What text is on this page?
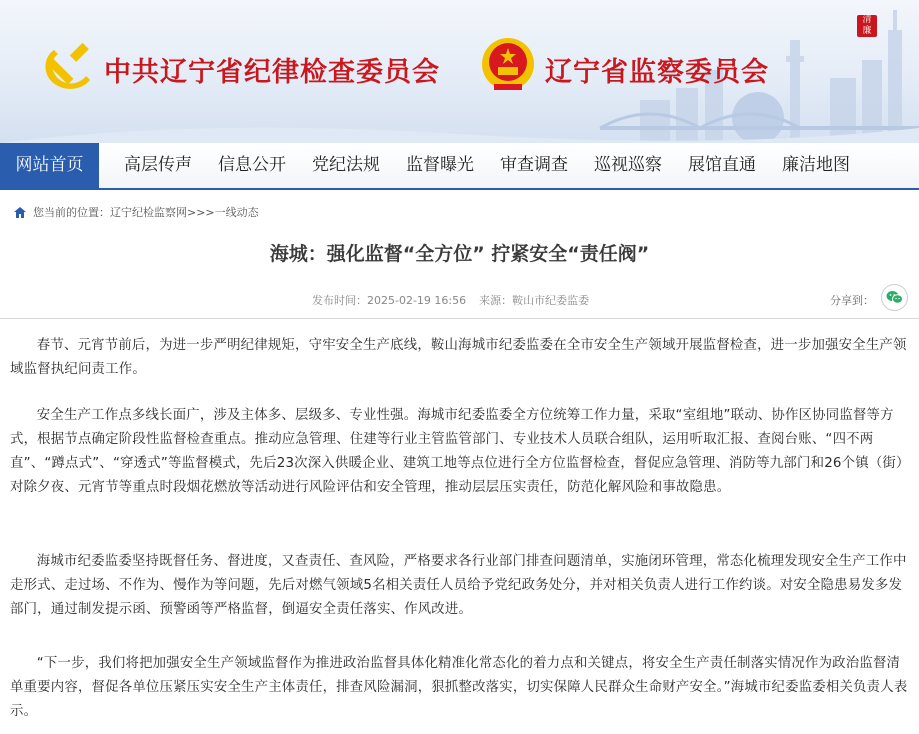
中共辽宁省纪律检查委员会	辽宁省监察委员会
清
廉
网站首页	高层传声	信息公开	党纪法规	监督曝光	审查调查	巡视巡察	展馆直通	廉洁地图
您当前的位置： 辽宁纪检监察网 >>> 一线动态
海城：强化监督“全方位” 拧紧安全“责任阀”
发布时间：2025-02-19 16:56 来源：鞍山市纪委监委	分享到：

春节、元宵节前后，为进一步严明纪律规矩，守牢安全生产底线，鞍山海城市纪委监委在全市安全生产领域开展监督检查，进一步加强安全生产领域监督执纪问责工作。

安全生产工作点多线长面广，涉及主体多、层级多、专业性强。海城市纪委监委全方位统筹工作力量，采取“室组地”联动、协作区协同监督等方式，根据节点确定阶段性监督检查重点。推动应急管理、住建等行业主管监管部门、专业技术人员联合组队，运用听取汇报、查阅台账、“四不两直”、“蹲点式”、“穿透式”等监督模式，先后23次深入供暖企业、建筑工地等点位进行全方位监督检查，督促应急管理、消防等九部门和26个镇（街）对除夕夜、元宵节等重点时段烟花燃放等活动进行风险评估和安全管理，推动层层压实责任，防范化解风险和事故隐患。

海城市纪委监委坚持既督任务、督进度，又查责任、查风险，严格要求各行业部门排查问题清单，实施闭环管理，常态化梳理发现安全生产工作中走形式、走过场、不作为、慢作为等问题，先后对燃气领域5名相关责任人员给予党纪政务处分，并对相关负责人进行工作约谈。对安全隐患易发多发部门，通过制发提示函、预警函等严格监督，倒逼安全责任落实、作风改进。

“下一步，我们将把加强安全生产领域监督作为推进政治监督具体化精准化常态化的着力点和关键点，将安全生产责任制落实情况作为政治监督清单重要内容，督促各单位压紧压实安全生产主体责任，排查风险漏洞，狠抓整改落实，切实保障人民群众生命财产安全。”海城市纪委监委相关负责人表示。
